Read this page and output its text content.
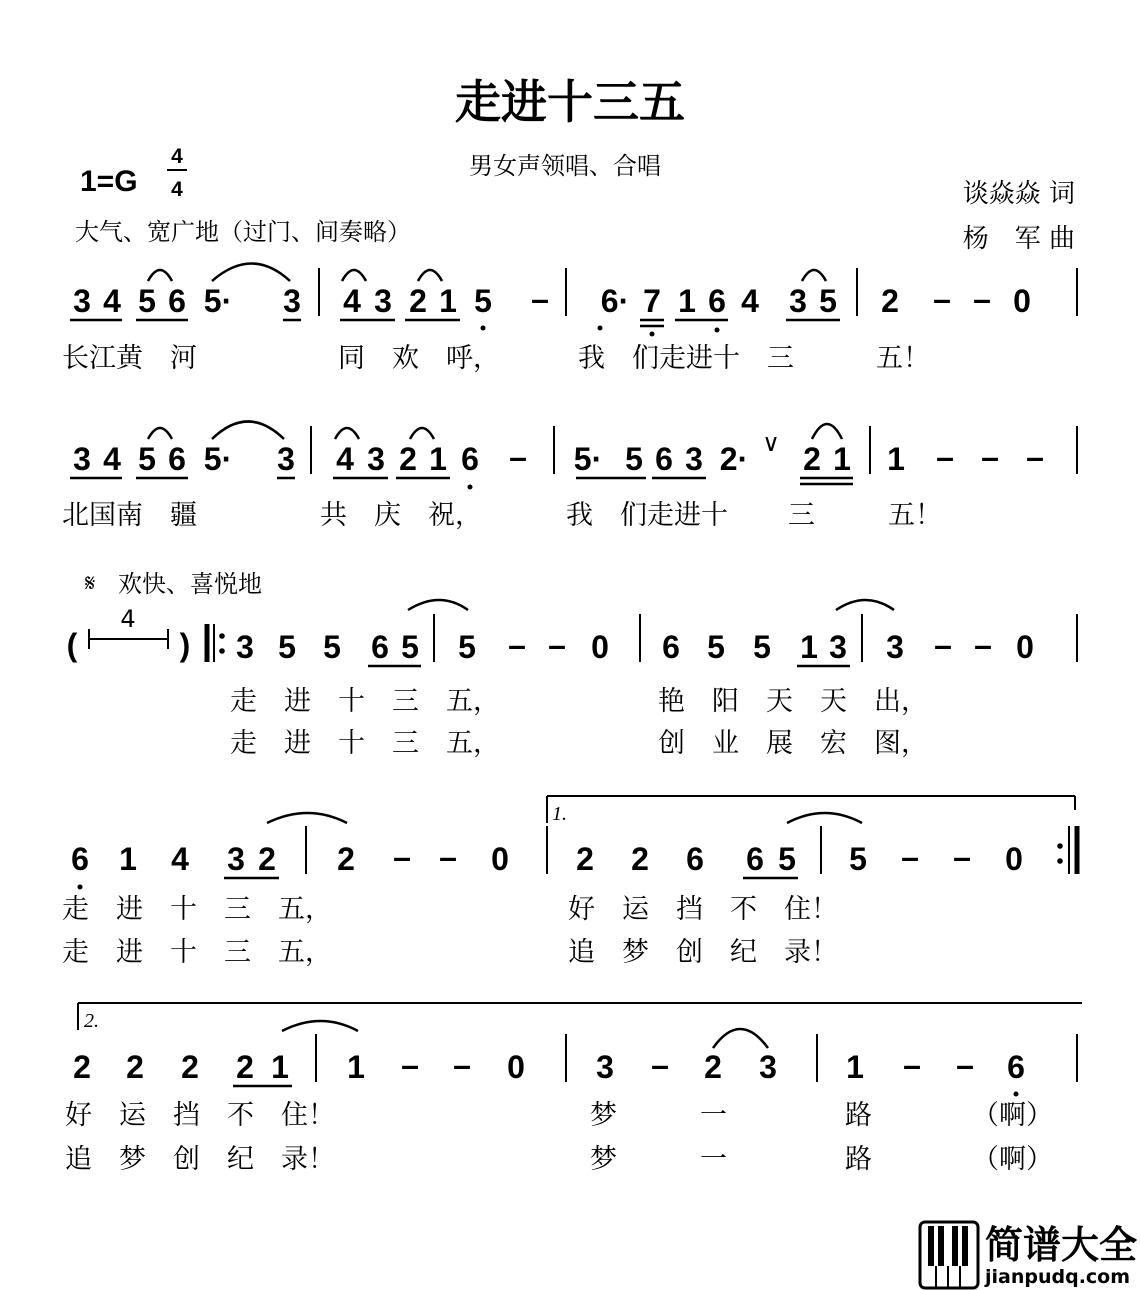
走进十三五
男女声领唱、合唱
1=G
4
4	谈焱焱 词
杨　军 曲
大气、宽广地（过门、间奏略）
3 4 5 6 5· 3 4 3 2 1 5 – 6· 7 1 6 4 3 5 2 – – 0
长江黄　河	同　欢　呼，	我　们走进十　三	五！
3 4 5 6 5· 3 4 3 2 1 6 – 5· 5 6 3 2· 2 1
∨	1 – – –
北国南　疆	共　庆　祝，	我　们走进十 三	五！
𝄋 欢快、喜悦地
(
4
) 3 5 5 6 5 5 – – 0 6 5 5 1 3 3 – – 0
走　进　十　三　五，	艳　阳　天　天　出，
走　进　十　三　五，	创　业　展　宏　图，
1.
6 1 4 3 2 2 – – 0 2 2 6 6 5 5 – – 0
走　进　十　三　五，	好　运　挡　不　住！
走　进　十　三　五，	追　梦　创　纪　录！
2.
2 2 2 2 1 1 – – 0 3 – 2 3 1 – – 6
好　运　挡　不　住！	梦	一	路	（啊）
追　梦　创　纪　录！	梦	一	路	（啊）
简谱大全
jianpudq.com
